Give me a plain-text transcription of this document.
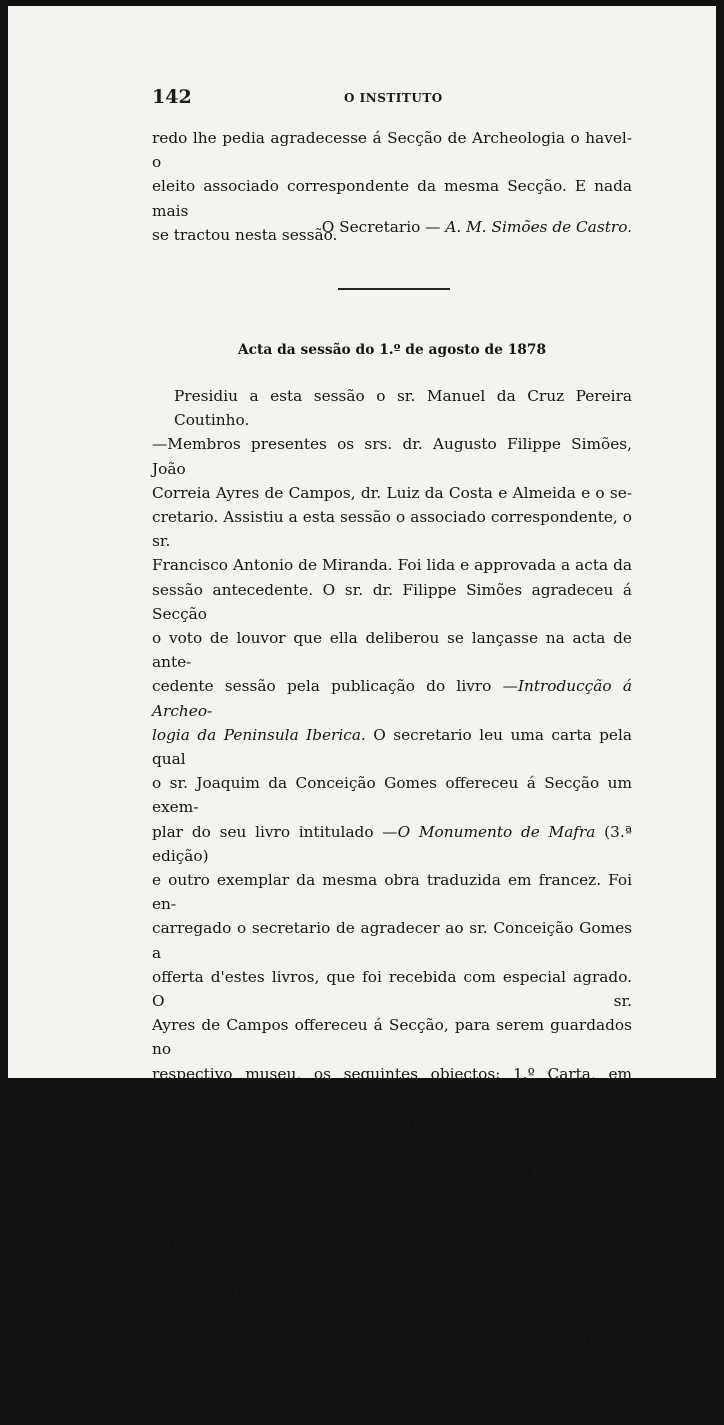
142	O INSTITUTO
redo lhe pedia agradecesse á Secção de Archeologia o havel-o
eleito associado correspondente da mesma Secção. E nada mais
se tractou nesta sessão.
O Secretario — A. M. Simões de Castro.
Acta da sessão do 1.º de agosto de 1878
Presidiu a esta sessão o sr. Manuel da Cruz Pereira Coutinho.
—Membros presentes os srs. dr. Augusto Filippe Simões, João
Correia Ayres de Campos, dr. Luiz da Costa e Almeida e o se-
cretario. Assistiu a esta sessão o associado correspondente, o sr.
Francisco Antonio de Miranda. Foi lida e approvada a acta da
sessão antecedente. O sr. dr. Filippe Simões agradeceu á Secção
o voto de louvor que ella deliberou se lançasse na acta de ante-
cedente sessão pela publicação do livro —Introducção á Archeo-
logia da Peninsula Iberica. O secretario leu uma carta pela qual
o sr. Joaquim da Conceição Gomes offereceu á Secção um exem-
plar do seu livro intitulado —O Monumento de Mafra (3.ª edição)
e outro exemplar da mesma obra traduzida em francez. Foi en-
carregado o secretario de agradecer ao sr. Conceição Gomes a
offerta d'estes livros, que foi recebida com especial agrado. O sr.
Ayres de Campos offereceu á Secção, para serem guardados no
respectivo museu, os seguintes objectos: 1.º Carta, em pergami-
nho, da doação que o mosteiro das cellas da ponte de Coimbra fez
á rainha D. Isabel de uma leira da herdade da Barreira, em 15
de maio da era de 1355, anno de 1317; 2.º Lembrança ou in-
strucção, em papel, do dr. Estevam Leitão, promotor da Inqui-
sição de Lisboa, para o agente dos negocios da mesma Inquisição
em Roma, ácerca de tres requerimentos tocantes á jurisdicção do
mesmo tribunal. Não tem data, mas é de suppôr fosse escripta
